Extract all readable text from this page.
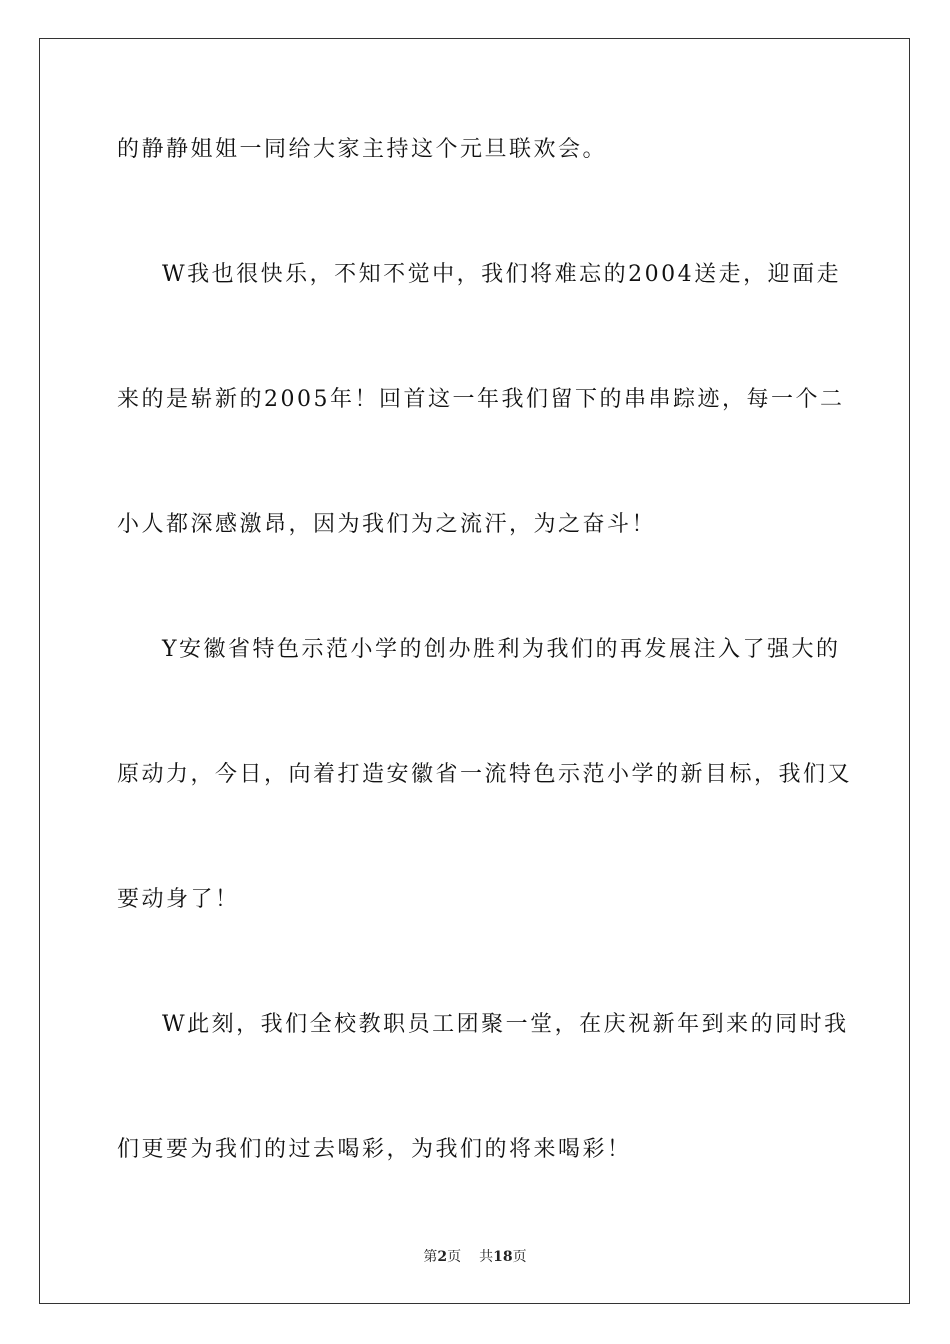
的静静姐姐一同给大家主持这个元旦联欢会。
W我也很快乐，不知不觉中，我们将难忘的2004送走，迎面走
来的是崭新的2005年！回首这一年我们留下的串串踪迹，每一个二
小人都深感激昂，因为我们为之流汗，为之奋斗！
Y安徽省特色示范小学的创办胜利为我们的再发展注入了强大的
原动力，今日，向着打造安徽省一流特色示范小学的新目标，我们又
要动身了！
W此刻，我们全校教职员工团聚一堂，在庆祝新年到来的同时我
们更要为我们的过去喝彩，为我们的将来喝彩！
第2页 共18页
